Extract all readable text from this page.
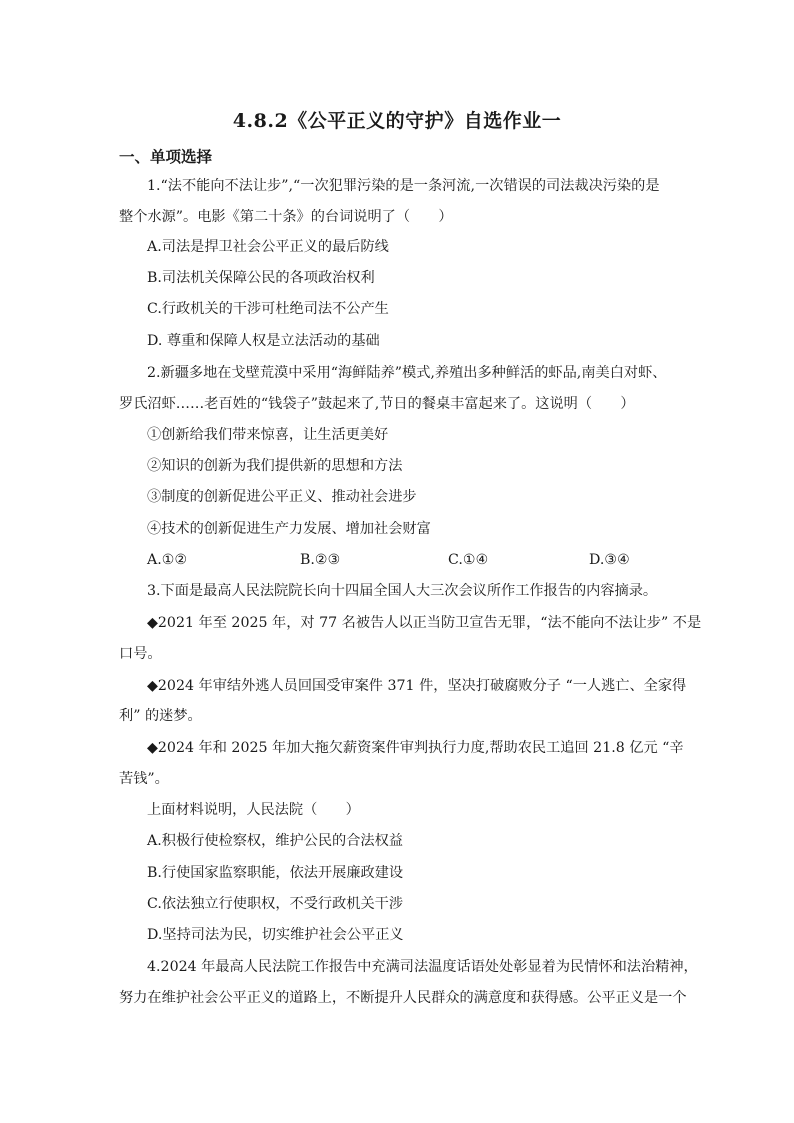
4.8.2《公平正义的守护》自选作业一
一、单项选择
1.“法不能向不法让步”,“一次犯罪污染的是一条河流,一次错误的司法裁决污染的是
整个水源”。电影《第二十条》的台词说明了（　　）
A.司法是捍卫社会公平正义的最后防线
B.司法机关保障公民的各项政治权利
C.行政机关的干涉可杜绝司法不公产生
D. 尊重和保障人权是立法活动的基础
2.新疆多地在戈壁荒漠中采用“海鲜陆养”模式,养殖出多种鲜活的虾品,南美白对虾、
罗氏沼虾……老百姓的“钱袋子”鼓起来了,节日的餐桌丰富起来了。这说明（　　）
①创新给我们带来惊喜，让生活更美好
②知识的创新为我们提供新的思想和方法
③制度的创新促进公平正义、推动社会进步
④技术的创新促进生产力发展、增加社会财富
A.①②	B.②③	C.①④	D.③④
3.下面是最高人民法院院长向十四届全国人大三次会议所作工作报告的内容摘录。
◆2021 年至 2025 年，对 77 名被告人以正当防卫宣告无罪，“法不能向不法让步” 不是
口号。
◆2024 年审结外逃人员回国受审案件 371 件，坚决打破腐败分子 “一人逃亡、全家得
利” 的迷梦。
◆2024 年和 2025 年加大拖欠薪资案件审判执行力度,帮助农民工追回 21.8 亿元 “辛
苦钱”。
上面材料说明，人民法院（　　）
A.积极行使检察权，维护公民的合法权益
B.行使国家监察职能，依法开展廉政建设
C.依法独立行使职权，不受行政机关干涉
D.坚持司法为民，切实维护社会公平正义
4.2024 年最高人民法院工作报告中充满司法温度话语处处彰显着为民情怀和法治精神，
努力在维护社会公平正义的道路上，不断提升人民群众的满意度和获得感。公平正义是一个
